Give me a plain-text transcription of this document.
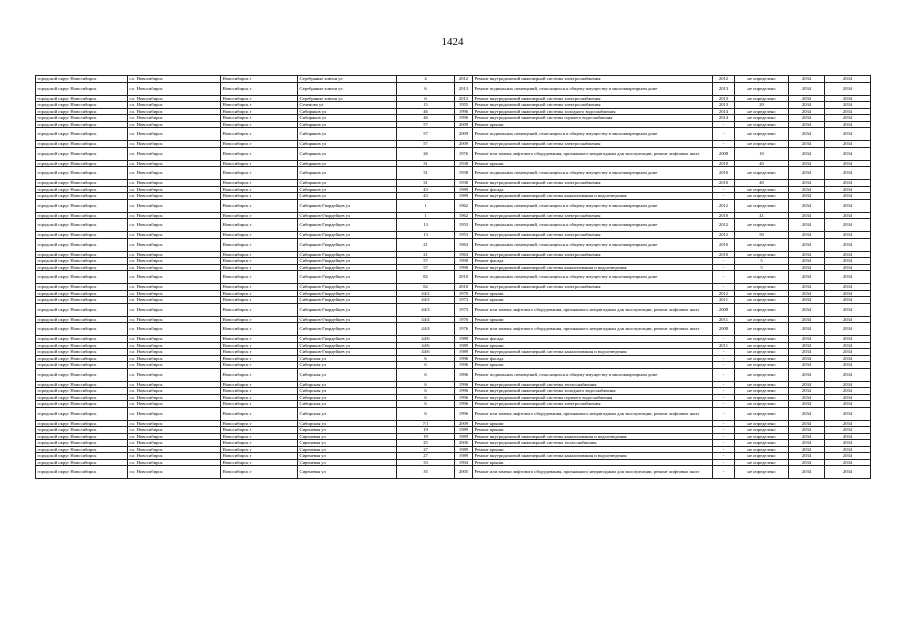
1424
городской округ Новосибирск	г.о. Новосибирск	Новосибирск г	Серебряные ключи ул	4	2012	Ремонт внутридомовой инженерной системы электроснабжения	2012	не определено	2034	2034
городской округ Новосибирск	г.о. Новосибирск	Новосибирск г	Серебряные ключи ул	6	2013	Ремонт подвальных помещений, относящихся к общему имуществу в многоквартирном доме	2013	не определено	2034	2034
городской округ Новосибирск	г.о. Новосибирск	Новосибирск г	Серебряные ключи ул	6	2013	Ремонт внутридомовой инженерной системы электроснабжения	2013	не определено	2034	2034
городской округ Новосибирск	г.о. Новосибирск	Новосибирск г	Сеченова ул	15	1955	Ремонт внутридомовой инженерной системы электроснабжения	2013	20	2034	2034
городской округ Новосибирск	г.о. Новосибирск	Новосибирск г	Сибиряков ул	46	1996	Ремонт внутридомовой инженерной системы холодного водоснабжения	2014	не определено	2034	2034
городской округ Новосибирск	г.о. Новосибирск	Новосибирск г	Сибиряков ул	46	1996	Ремонт внутридомовой инженерной системы горячего водоснабжения	2014	не определено	2034	2034
городской округ Новосибирск	г.о. Новосибирск	Новосибирск г	Сибиряков ул	57	2009	Ремонт крыши	-	не определено	2034	2034
городской округ Новосибирск	г.о. Новосибирск	Новосибирск г	Сибиряков ул	57	2009	Ремонт подвальных помещений, относящихся к общему имуществу в многоквартирном доме	-	не определено	2034	2034
городской округ Новосибирск	г.о. Новосибирск	Новосибирск г	Сибиряков ул	57	2009	Ремонт внутридомовой инженерной системы электроснабжения	-	не определено	2034	2034
городской округ Новосибирск	г.о. Новосибирск	Новосибирск г	Сибиряков ул	26	1976	Ремонт или замена лифтового оборудования, признанного непригодным для эксплуатации, ремонт лифтовых шахт	2008	10	2034	2034
городской округ Новосибирск	г.о. Новосибирск	Новосибирск г	Сибиряков ул	31	1938	Ремонт крыши	2010	40	2034	2034
городской округ Новосибирск	г.о. Новосибирск	Новосибирск г	Сибиряков ул	31	1938	Ремонт подвальных помещений, относящихся к общему имуществу в многоквартирном доме	2010	не определено	2034	2034
городской округ Новосибирск	г.о. Новосибирск	Новосибирск г	Сибиряков ул	31	1938	Ремонт внутридомовой инженерной системы электроснабжения	2010	40	2034	2034
городской округ Новосибирск	г.о. Новосибирск	Новосибирск г	Сибиряков ул	43	1989	Ремонт фасада	-	не определено	2034	2034
городской округ Новосибирск	г.о. Новосибирск	Новосибирск г	Сибиряков ул	43	1989	Ремонт внутридомовой инженерной системы канализования и водоотведения	-	не определено	2034	2034
городской округ Новосибирск	г.о. Новосибирск	Новосибирск г	Сибиряков-Гвардейцев ул	1	1962	Ремонт подвальных помещений, относящихся к общему имуществу в многоквартирном доме	2012	не определено	2034	2034
городской округ Новосибирск	г.о. Новосибирск	Новосибирск г	Сибиряков-Гвардейцев ул	1	1962	Ремонт внутридомовой инженерной системы электроснабжения	2010	41	2034	2034
городской округ Новосибирск	г.о. Новосибирск	Новосибирск г	Сибиряков-Гвардейцев ул	13	1953	Ремонт подвальных помещений, относящихся к общему имуществу в многоквартирном доме	2012	не определено	2034	2034
городской округ Новосибирск	г.о. Новосибирск	Новосибирск г	Сибиряков-Гвардейцев ул	13	1953	Ремонт внутридомовой инженерной системы электроснабжения	2012	50	2034	2034
городской округ Новосибирск	г.о. Новосибирск	Новосибирск г	Сибиряков-Гвардейцев ул	21	1963	Ремонт подвальных помещений, относящихся к общему имуществу в многоквартирном доме	2010	не определено	2034	2034
городской округ Новосибирск	г.о. Новосибирск	Новосибирск г	Сибиряков-Гвардейцев ул	21	1963	Ремонт внутридомовой инженерной системы электроснабжения	2010	не определено	2034	2034
городской округ Новосибирск	г.о. Новосибирск	Новосибирск г	Сибиряков-Гвардейцев ул	57	1990	Ремонт фасада	-	5	2034	2034
городской округ Новосибирск	г.о. Новосибирск	Новосибирск г	Сибиряков-Гвардейцев ул	57	1990	Ремонт внутридомовой инженерной системы канализования и водоотведения	-	5	2034	2034
городской округ Новосибирск	г.о. Новосибирск	Новосибирск г	Сибиряков-Гвардейцев ул	82	2010	Ремонт подвальных помещений, относящихся к общему имуществу в многоквартирном доме	-	не определено	2034	2034
городской округ Новосибирск	г.о. Новосибирск	Новосибирск г	Сибиряков-Гвардейцев ул	82	2010	Ремонт внутридомовой инженерной системы электроснабжения	-	не определено	2034	2034
городской округ Новосибирск	г.о. Новосибирск	Новосибирск г	Сибиряков-Гвардейцев ул	44/2	1970	Ремонт крыши	2012	не определено	2034	2034
городской округ Новосибирск	г.о. Новосибирск	Новосибирск г	Сибиряков-Гвардейцев ул	44/3	1973	Ремонт крыши	2011	не определено	2034	2034
городской округ Новосибирск	г.о. Новосибирск	Новосибирск г	Сибиряков-Гвардейцев ул	44/3	1973	Ремонт или замена лифтового оборудования, признанного непригодным для эксплуатации, ремонт лифтовых шахт	2008	не определено	2034	2034
городской округ Новосибирск	г.о. Новосибирск	Новосибирск г	Сибиряков-Гвардейцев ул	44/4	1976	Ремонт крыши	2011	не определено	2034	2034
городской округ Новосибирск	г.о. Новосибирск	Новосибирск г	Сибиряков-Гвардейцев ул	44/4	1976	Ремонт или замена лифтового оборудования, признанного непригодным для эксплуатации, ремонт лифтовых шахт	2008	не определено	2034	2034
городской округ Новосибирск	г.о. Новосибирск	Новосибирск г	Сибиряков-Гвардейцев ул	44/6	1989	Ремонт фасада	-	не определено	2034	2034
городской округ Новосибирск	г.о. Новосибирск	Новосибирск г	Сибиряков-Гвардейцев ул	44/6	1989	Ремонт крыши	2011	не определено	2034	2034
городской округ Новосибирск	г.о. Новосибирск	Новосибирск г	Сибиряков-Гвардейцев ул	44/6	1989	Ремонт внутридомовой инженерной системы канализования и водоотведения	-	не определено	2034	2034
городской округ Новосибирск	г.о. Новосибирск	Новосибирск г	Сибирская ул	6	1996	Ремонт фасада	-	не определено	2034	2034
городской округ Новосибирск	г.о. Новосибирск	Новосибирск г	Сибирская ул	6	1996	Ремонт крыши	-	не определено	2034	2034
городской округ Новосибирск	г.о. Новосибирск	Новосибирск г	Сибирская ул	6	1996	Ремонт подвальных помещений, относящихся к общему имуществу в многоквартирном доме	-	не определено	2034	2034
городской округ Новосибирск	г.о. Новосибирск	Новосибирск г	Сибирская ул	6	1996	Ремонт внутридомовой инженерной системы теплоснабжения	-	не определено	2034	2034
городской округ Новосибирск	г.о. Новосибирск	Новосибирск г	Сибирская ул	6	1996	Ремонт внутридомовой инженерной системы холодного водоснабжения	-	не определено	2034	2034
городской округ Новосибирск	г.о. Новосибирск	Новосибирск г	Сибирская ул	6	1996	Ремонт внутридомовой инженерной системы горячего водоснабжения	-	не определено	2034	2034
городской округ Новосибирск	г.о. Новосибирск	Новосибирск г	Сибирская ул	6	1996	Ремонт внутридомовой инженерной системы электроснабжения	-	не определено	2034	2034
городской округ Новосибирск	г.о. Новосибирск	Новосибирск г	Сибирская ул	6	1996	Ремонт или замена лифтового оборудования, признанного непригодным для эксплуатации, ремонт лифтовых шахт	-	не определено	2034	2034
городской округ Новосибирск	г.о. Новосибирск	Новосибирск г	Сибирская ул	7/1	2009	Ремонт крыши	-	не определено	2034	2034
городской округ Новосибирск	г.о. Новосибирск	Новосибирск г	Сиреневая ул	19	1989	Ремонт крыши	-	не определено	2034	2034
городской округ Новосибирск	г.о. Новосибирск	Новосибирск г	Сиреневая ул	19	1989	Ремонт внутридомовой инженерной системы канализования и водоотведения	-	не определено	2034	2034
городской округ Новосибирск	г.о. Новосибирск	Новосибирск г	Сиреневая ул	25	2006	Ремонт внутридомовой инженерной системы теплоснабжения	-	не определено	2034	2034
городской округ Новосибирск	г.о. Новосибирск	Новосибирск г	Сиреневая ул	27	1989	Ремонт крыши	-	не определено	2034	2034
городской округ Новосибирск	г.о. Новосибирск	Новосибирск г	Сиреневая ул	27	1989	Ремонт внутридомовой инженерной системы канализования и водоотведения	-	не определено	2034	2034
городской округ Новосибирск	г.о. Новосибирск	Новосибирск г	Сиреневая ул	33	1994	Ремонт крыши	-	не определено	2034	2034
городской округ Новосибирск	г.о. Новосибирск	Новосибирск г	Сиреневая ул	35	2005	Ремонт или замена лифтового оборудования, признанного непригодным для эксплуатации, ремонт лифтовых шахт	-	не определено	2034	2034
